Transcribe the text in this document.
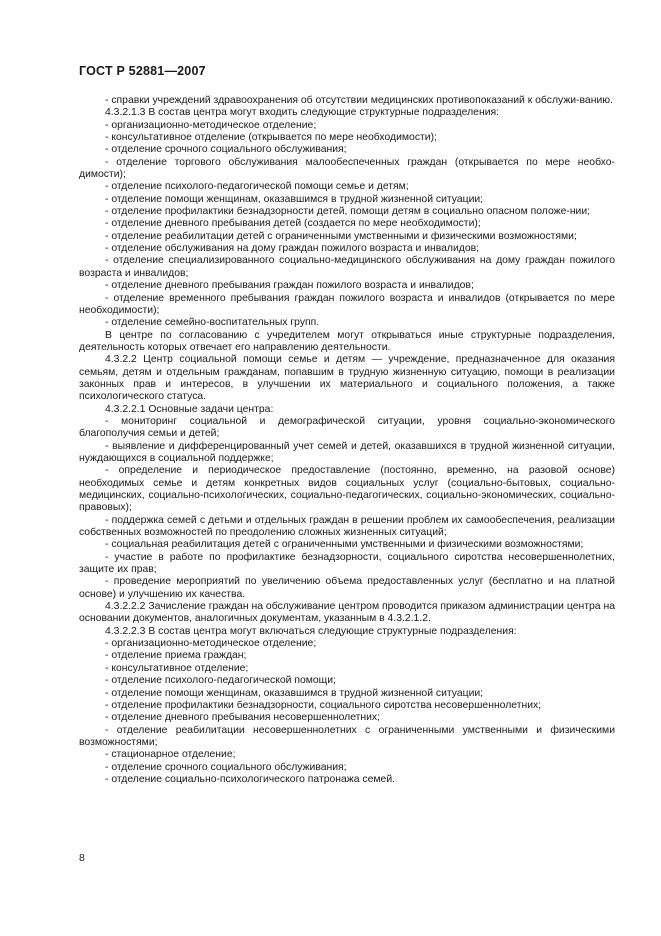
ГОСТ Р 52881—2007

- справки учреждений здравоохранения об отсутствии медицинских противопоказаний к обслужи-ванию.

4.3.2.1.3 В состав центра могут входить следующие структурные подразделения:

- организационно-методическое отделение;

- консультативное отделение (открывается по мере необходимости);

- отделение срочного социального обслуживания;

- отделение торгового обслуживания малообеспеченных граждан (открывается по мере необхо-димости);

- отделение психолого-педагогической помощи семье и детям;

- отделение помощи женщинам, оказавшимся в трудной жизненной ситуации;

- отделение профилактики безнадзорности детей, помощи детям в социально опасном положе-нии;

- отделение дневного пребывания детей (создается по мере необходимости);

- отделение реабилитации детей с ограниченными умственными и физическими возможностями;

- отделение обслуживания на дому граждан пожилого возраста и инвалидов;

- отделение специализированного социально-медицинского обслуживания на дому граждан пожилого возраста и инвалидов;

- отделение дневного пребывания граждан пожилого возраста и инвалидов;

- отделение временного пребывания граждан пожилого возраста и инвалидов (открывается по мере необходимости);

- отделение семейно-воспитательных групп.

В центре по согласованию с учредителем могут открываться иные структурные подразделения, деятельность которых отвечает его направлению деятельности.

4.3.2.2 Центр социальной помощи семье и детям — учреждение, предназначенное для оказания семьям, детям и отдельным гражданам, попавшим в трудную жизненную ситуацию, помощи в реализации законных прав и интересов, в улучшении их материального и социального положения, а также психологического статуса.

4.3.2.2.1 Основные задачи центра:

- мониторинг социальной и демографической ситуации, уровня социально-экономического благополучия семьи и детей;

- выявление и дифференцированный учет семей и детей, оказавшихся в трудной жизненной ситуации, нуждающихся в социальной поддержке;

- определение и периодическое предоставление (постоянно, временно, на разовой основе) необходимых семье и детям конкретных видов социальных услуг (социально-бытовых, социально-медицинских, социально-психологических, социально-педагогических, социально-экономических, социально-правовых);

- поддержка семей с детьми и отдельных граждан в решении проблем их самообеспечения, реализации собственных возможностей по преодолению сложных жизненных ситуаций;

- социальная реабилитация детей с ограниченными умственными и физическими возможностями;

- участие в работе по профилактике безнадзорности, социального сиротства несовершеннолетних, защите их прав;

- проведение мероприятий по увеличению объема предоставленных услуг (бесплатно и на платной основе) и улучшению их качества.

4.3.2.2.2 Зачисление граждан на обслуживание центром проводится приказом администрации центра на основании документов, аналогичных документам, указанным в 4.3.2.1.2.

4.3.2.2.3 В состав центра могут включаться следующие структурные подразделения:

- организационно-методическое отделение;

- отделение приема граждан;

- консультативное отделение;

- отделение психолого-педагогической помощи;

- отделение помощи женщинам, оказавшимся в трудной жизненной ситуации;

- отделение профилактики безнадзорности, социального сиротства несовершеннолетних;

- отделение дневного пребывания несовершеннолетних;

- отделение реабилитации несовершеннолетних с ограниченными умственными и физическими возможностями;

- стационарное отделение;

- отделение срочного социального обслуживания;

- отделение социально-психологического патронажа семей.

8
